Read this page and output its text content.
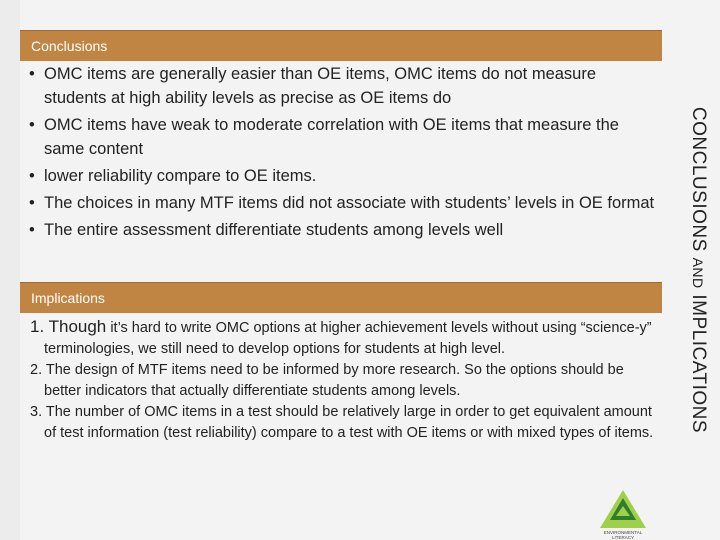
Conclusions
• OMC items are generally easier than OE items, OMC items do not measure students at high ability levels as precise as OE items do
• OMC items have weak to moderate correlation with OE items that measure the same content
• lower reliability compare to OE items.
• The choices in many MTF items did not associate with students’ levels in OE format
• The entire assessment differentiate students among levels well
Implications
1. Though it’s hard to write OMC options at higher achievement levels without using “science-y” terminologies, we still need to develop options for students at high level.
2. The design of MTF items need to be informed by more research. So the options should be better indicators that actually differentiate students among levels.
3. The number of OMC items in a test should be relatively large in order to get equivalent amount of test information (test reliability) compare to a test with OE items or with mixed types of items.
CONCLUSIONS AND IMPLICATIONS
ENVIRONMENTAL LITERACY
